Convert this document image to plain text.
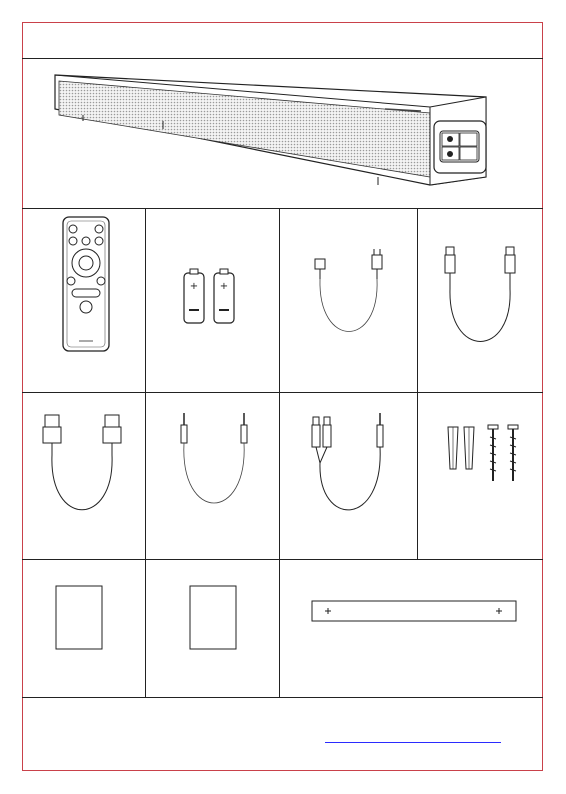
+ +
